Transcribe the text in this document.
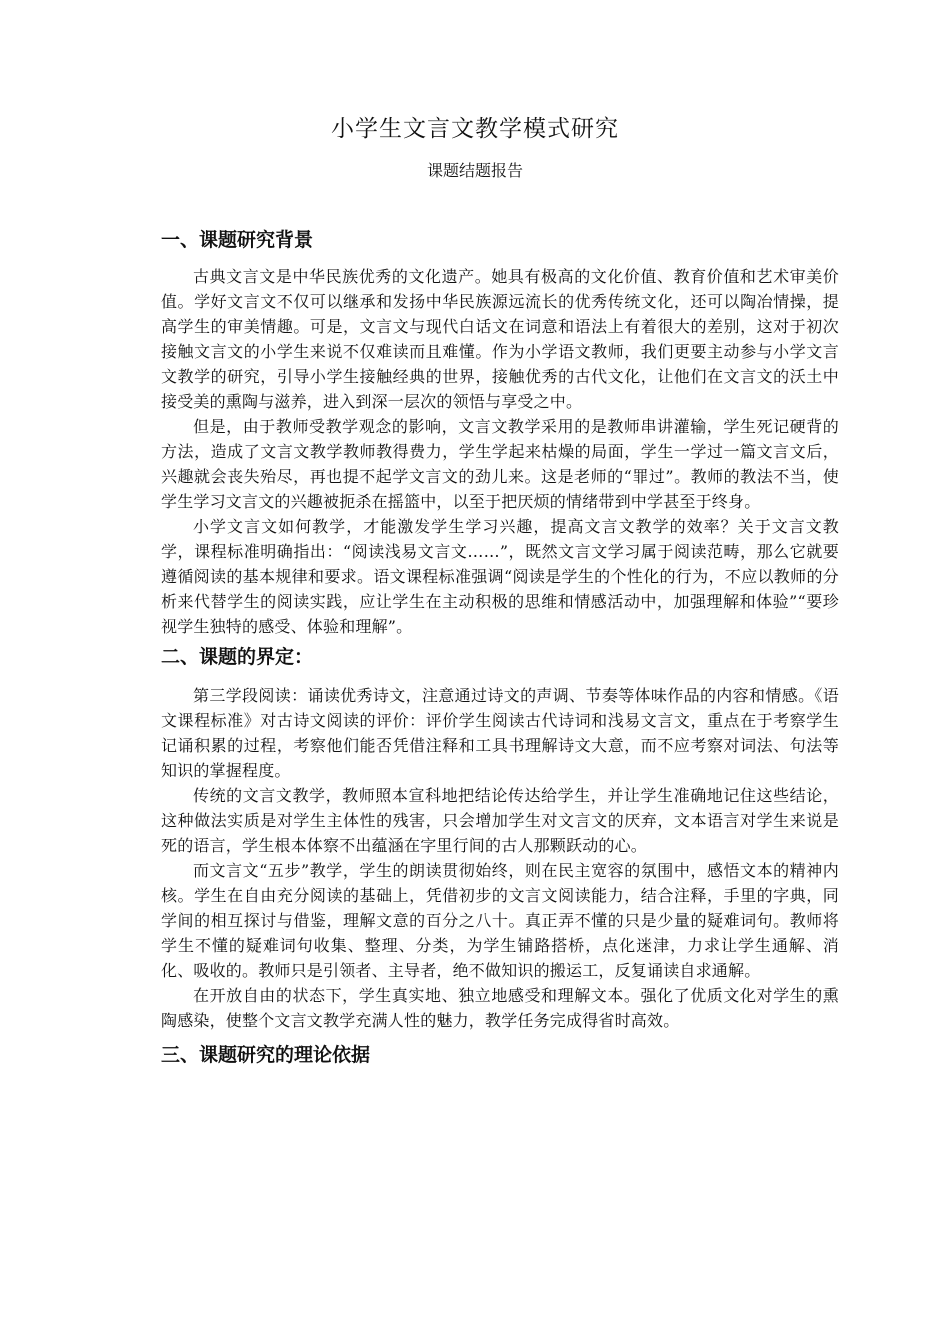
小学生文言文教学模式研究
课题结题报告
一、课题研究背景

古典文言文是中华民族优秀的文化遗产。她具有极高的文化价值、教育价值和艺术审美价值。学好文言文不仅可以继承和发扬中华民族源远流长的优秀传统文化，还可以陶冶情操，提高学生的审美情趣。可是，文言文与现代白话文在词意和语法上有着很大的差别，这对于初次接触文言文的小学生来说不仅难读而且难懂。作为小学语文教师，我们更要主动参与小学文言文教学的研究，引导小学生接触经典的世界，接触优秀的古代文化，让他们在文言文的沃土中接受美的熏陶与滋养，进入到深一层次的领悟与享受之中。

但是，由于教师受教学观念的影响，文言文教学采用的是教师串讲灌输，学生死记硬背的方法，造成了文言文教学教师教得费力，学生学起来枯燥的局面，学生一学过一篇文言文后，兴趣就会丧失殆尽，再也提不起学文言文的劲儿来。这是老师的“罪过”。教师的教法不当，使学生学习文言文的兴趣被扼杀在摇篮中，以至于把厌烦的情绪带到中学甚至于终身。

小学文言文如何教学，才能激发学生学习兴趣，提高文言文教学的效率？关于文言文教学，课程标准明确指出：“阅读浅易文言文……”，既然文言文学习属于阅读范畴，那么它就要遵循阅读的基本规律和要求。语文课程标准强调“阅读是学生的个性化的行为，不应以教师的分析来代替学生的阅读实践，应让学生在主动积极的思维和情感活动中，加强理解和体验”“要珍视学生独特的感受、体验和理解”。

二、课题的界定：

第三学段阅读：诵读优秀诗文，注意通过诗文的声调、节奏等体味作品的内容和情感。《语文课程标准》对古诗文阅读的评价：评价学生阅读古代诗词和浅易文言文，重点在于考察学生记诵积累的过程，考察他们能否凭借注释和工具书理解诗文大意，而不应考察对词法、句法等知识的掌握程度。

传统的文言文教学，教师照本宣科地把结论传达给学生，并让学生准确地记住这些结论，这种做法实质是对学生主体性的残害，只会增加学生对文言文的厌弃，文本语言对学生来说是死的语言，学生根本体察不出蕴涵在字里行间的古人那颗跃动的心。

而文言文“五步”教学，学生的朗读贯彻始终，则在民主宽容的氛围中，感悟文本的精神内核。学生在自由充分阅读的基础上，凭借初步的文言文阅读能力，结合注释，手里的字典，同学间的相互探讨与借鉴，理解文意的百分之八十。真正弄不懂的只是少量的疑难词句。教师将学生不懂的疑难词句收集、整理、分类，为学生铺路搭桥，点化迷津，力求让学生通解、消化、吸收的。教师只是引领者、主导者，绝不做知识的搬运工，反复诵读自求通解。

在开放自由的状态下，学生真实地、独立地感受和理解文本。强化了优质文化对学生的熏陶感染，使整个文言文教学充满人性的魅力，教学任务完成得省时高效。

三、课题研究的理论依据
